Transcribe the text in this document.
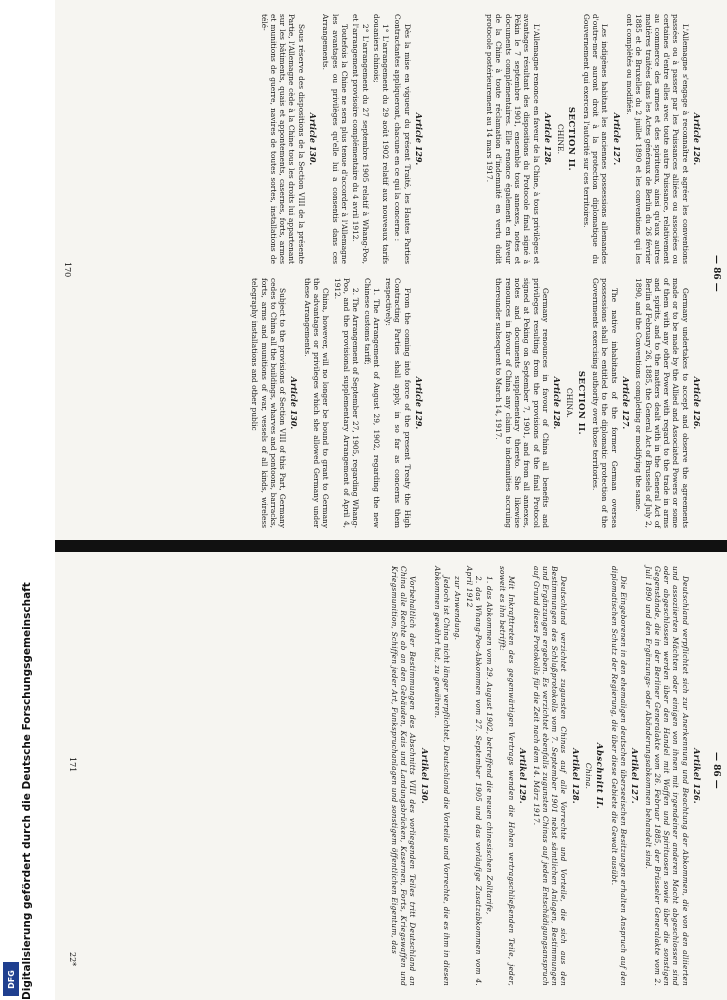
Digitalisierung gefördert durch die Deutsche Forschungsgemeinschaft
DFG
— 86 —
Article 126.

L'Allemagne s'engage à reconnaître et agréer les conventions passées ou à passer par les Puissances alliées ou associées ou certaines d'entre elles avec toute autre Puissance, relativement au commerce des armes et des spiritueux, ainsi qu'aux autres matières traitées dans les Actes généraux de Berlin du 26 février 1885 et de Bruxelles du 2 juillet 1890 et les conventions qui les ont complétés ou modifiés.

Article 127.

Les indigènes habitant les anciennes possessions allemandes d'outre-mer auront droit à la protection diplomatique du Gouvernement qui exercera l'autorité sur ces territoires.

SECTION II.
CHINE.
Article 128.

L'Allemagne renonce en faveur de la Chine, à tous privilèges et avantages résultant des dispositions du Protocole final signé à Pékin le 7 septembre 1901, ensemble tous annexes, notes et documents complémentaires. Elle renonce également en faveur de la Chine à toute réclamation d'indemnité en vertu dudit protocole postérieurement au 14 mars 1917.

Article 129.

Dès la mise en vigueur du présent Traité, les Hautes Parties Contractantes appliqueront, chacune en ce qui la concerne :

1° L'arrangement du 29 août 1902 relatif aux nouveaux tarifs douaniers chinois;

2° L'arrangement du 27 septembre 1905 relatif à Whang-Poo, et l'arrangement provisoire complémentaire du 4 avril 1912.

Toutefois la Chine ne sera plus tenue d'accorder à l'Allemagne les avantages ou privilèges qu'elle lui a consentis dans ces Arrangements.

Article 130.

Sous réserve des dispositions de la Section VIII de la présente Partie, l'Allemagne cède à la Chine tous les droits lui appartenant sur les bâtiments, quais et appontements, casernes, forts, armes et munitions de guerre, navires de toutes sortes, installations de télé-

Article 126.

Germany undertakes to accept and observe the agreements made or to be made by the Allied and Associated Powers or some of them with any other Power with regard to the trade in arms and spirits, and to the matters dealt with in the General Act of Berlin of February 26, 1885, the General Act of Brussels of July 2, 1890, and the Conventions completing or modifying the same.

Article 127.

The native inhabitants of the former German oversea possessions shall be entitled to the diplomatic protection of the Governments exercising authority over those territories.

SECTION II.
CHINA.
Article 128.

Germany renounces in favour of China all benefits and privileges resulting from the provisions of the final Protocol signed at Peking on September 7, 1901, and from all annexes, notes and documents supplementary thereto. She likewise renounces in favour of China any claim to indemnities accruing thereunder subsequent to March 14, 1917.

Article 129.

From the coming into force of the present Treaty the High Contracting Parties shall apply, in so far as concerns them respectively:

1. The Arrangement of August 29, 1902, regarding the new Chinese customs tariff;

2. The Arrangement of September 27, 1905, regarding Whang-Poo, and the provisional supplementary Arrangement of April 4, 1912.

China, however, will no longer be bound to grant to Germany the advantages or privileges which she allowed Germany under these Arrangements.

Article 130.

Subject to the provisions of Section VIII of this Part, Germany cedes to China all the buildings, wharves and pontoons, barracks, forts, arms and munitions of war, vessels of all kinds, wireless telegraphy installations and other public

170
— 86 —
Artikel 126.

Deutschland verpflichtet sich zur Anerkennung und Beachtung der Abkommen, die von den alliierten und assoziierten Mächten oder einigen von ihnen mit irgendeiner anderen Macht abgeschlossen sind oder abgeschlossen werden über den Handel mit Waffen und Spirituosen sowie über die sonstigen Gegenstände, die in der Berliner Generalakte vom 26. Februar 1885, der Brüsseler Generalakte vom 2. Juli 1890 und den Ergänzungs- oder Abänderungsabkommen behandelt sind.

Artikel 127.

Die Eingeborenen in den ehemaligen deutschen überseeischen Besitzungen erhalten Anspruch auf den diplomatischen Schutz der Regierung, die über diese Gebiete die Gewalt ausübt.

Abschnitt II.
China.
Artikel 128.

Deutschland verzichtet zugunsten Chinas auf alle Vorrechte und Vorteile, die sich aus den Bestimmungen des Schlußprotokolls vom 7. September 1901 nebst sämtlichen Anlagen, Bestimmungen und Ergänzungen ergeben. Es verzichtet ebenfalls zugunsten Chinas auf jeden Entschädigungsanspruch auf Grund dieses Protokolls für die Zeit nach dem 14. März 1917.

Artikel 129.

Mit Inkrafttreten des gegenwärtigen Vertrags wenden die Hohen vertragschließenden Teile, jeder, soweit es ihn betrifft:

1. das Abkommen vom 29. August 1902, betreffend die neuen chinesischen Zolltarife,

2. das Whang-Poo-Abkommen vom 27. September 1905 und das vorläufige Zusatzabkommen vom 4. April 1912

zur Anwendung.

Jedoch ist China nicht länger verpflichtet, Deutschland die Vorteile und Vorrechte, die es ihm in diesen Abkommen gewährt hat, zu gewähren.

Artikel 130.

Vorbehaltlich der Bestimmungen des Abschnitts VIII des vorliegenden Teiles tritt Deutschland an China alle Rechte ab an den Gebäuden, Kais und Landungsbrücken, Kasernen, Forts, Kriegswaffen und Kriegsmunition, Schiffen jeder Art, Funkspruchanlagen und sonstigem öffentlichen Eigentum, das

171
22*
